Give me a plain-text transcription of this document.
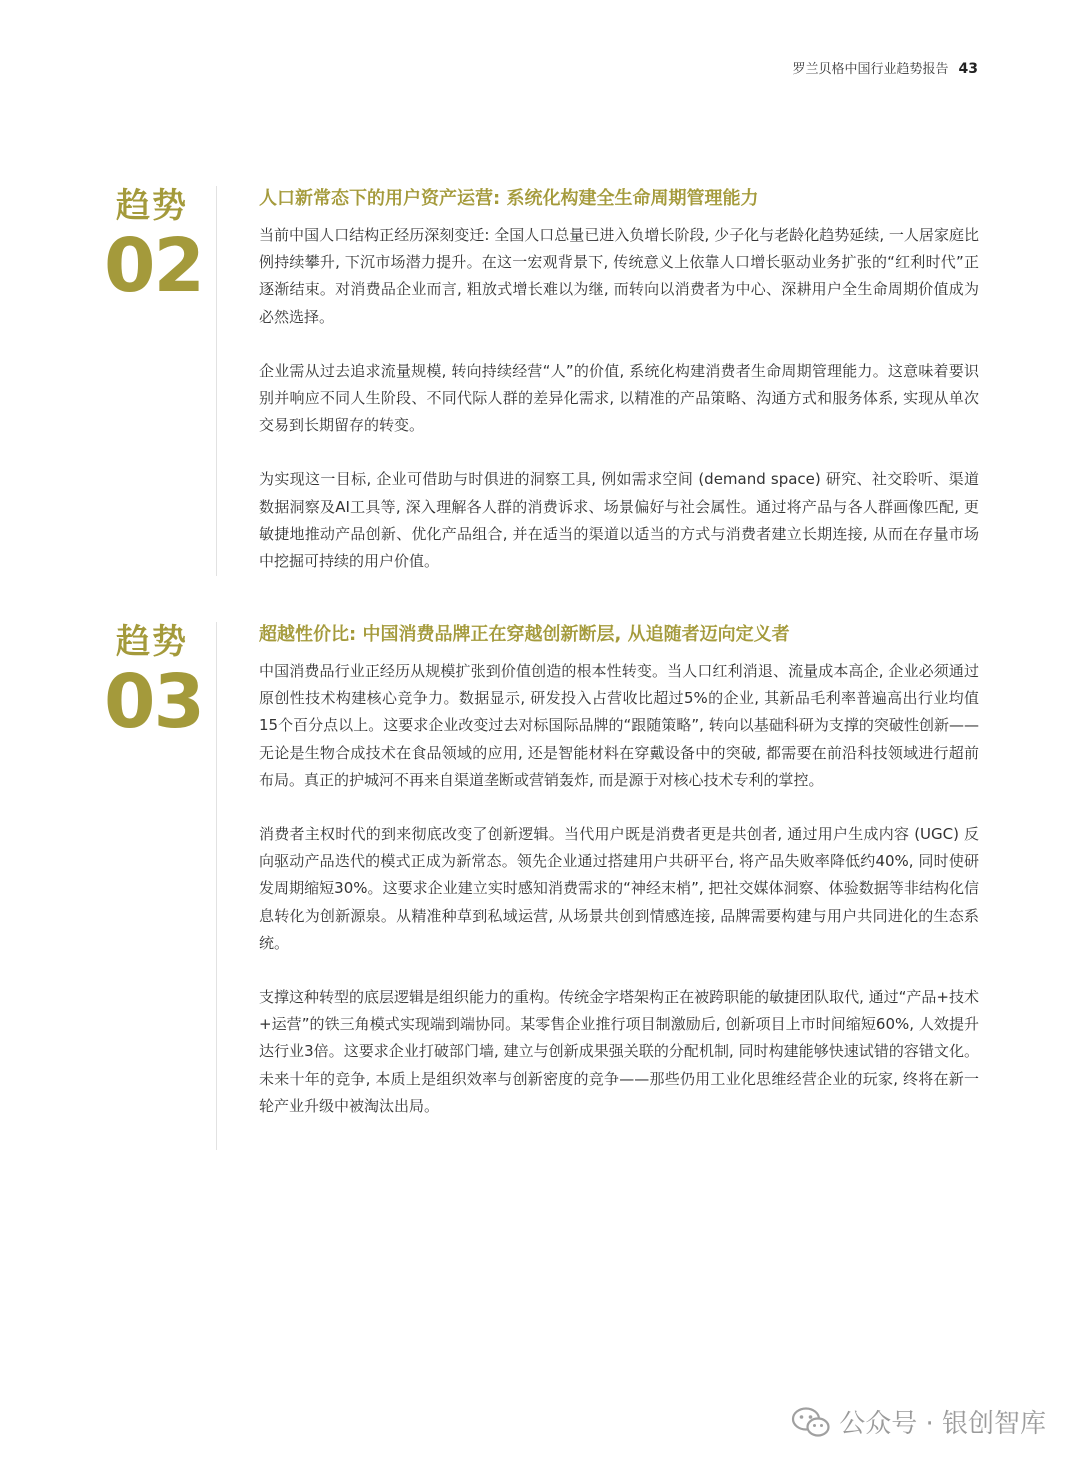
罗兰贝格中国行业趋势报告 43
趋势
02
人口新常态下的用户资产运营: 系统化构建全生命周期管理能力

当前中国人口结构正经历深刻变迁: 全国人口总量已进入负增长阶段, 少子化与老龄化趋势延续, 一人居家庭比例持续攀升, 下沉市场潜力提升。在这一宏观背景下, 传统意义上依靠人口增长驱动业务扩张的“红利时代”正逐渐结束。对消费品企业而言, 粗放式增长难以为继, 而转向以消费者为中心、深耕用户全生命周期价值成为必然选择。

企业需从过去追求流量规模, 转向持续经营“人”的价值, 系统化构建消费者生命周期管理能力。这意味着要识别并响应不同人生阶段、不同代际人群的差异化需求, 以精准的产品策略、沟通方式和服务体系, 实现从单次交易到长期留存的转变。

为实现这一目标, 企业可借助与时俱进的洞察工具, 例如需求空间 (demand space) 研究、社交聆听、渠道数据洞察及AI工具等, 深入理解各人群的消费诉求、场景偏好与社会属性。通过将产品与各人群画像匹配, 更敏捷地推动产品创新、优化产品组合, 并在适当的渠道以适当的方式与消费者建立长期连接, 从而在存量市场中挖掘可持续的用户价值。

趋势
03
超越性价比: 中国消费品牌正在穿越创新断层, 从追随者迈向定义者

中国消费品行业正经历从规模扩张到价值创造的根本性转变。当人口红利消退、流量成本高企, 企业必须通过原创性技术构建核心竞争力。数据显示, 研发投入占营收比超过5%的企业, 其新品毛利率普遍高出行业均值15个百分点以上。这要求企业改变过去对标国际品牌的“跟随策略”, 转向以基础科研为支撑的突破性创新——无论是生物合成技术在食品领域的应用, 还是智能材料在穿戴设备中的突破, 都需要在前沿科技领域进行超前布局。真正的护城河不再来自渠道垄断或营销轰炸, 而是源于对核心技术专利的掌控。

消费者主权时代的到来彻底改变了创新逻辑。当代用户既是消费者更是共创者, 通过用户生成内容 (UGC) 反向驱动产品迭代的模式正成为新常态。领先企业通过搭建用户共研平台, 将产品失败率降低约40%, 同时使研发周期缩短30%。这要求企业建立实时感知消费需求的“神经末梢”, 把社交媒体洞察、体验数据等非结构化信息转化为创新源泉。从精准种草到私域运营, 从场景共创到情感连接, 品牌需要构建与用户共同进化的生态系统。

支撑这种转型的底层逻辑是组织能力的重构。传统金字塔架构正在被跨职能的敏捷团队取代, 通过“产品+技术+运营”的铁三角模式实现端到端协同。某零售企业推行项目制激励后, 创新项目上市时间缩短60%, 人效提升达行业3倍。这要求企业打破部门墙, 建立与创新成果强关联的分配机制, 同时构建能够快速试错的容错文化。未来十年的竞争, 本质上是组织效率与创新密度的竞争——那些仍用工业化思维经营企业的玩家, 终将在新一轮产业升级中被淘汰出局。

公众号 · 银创智库
